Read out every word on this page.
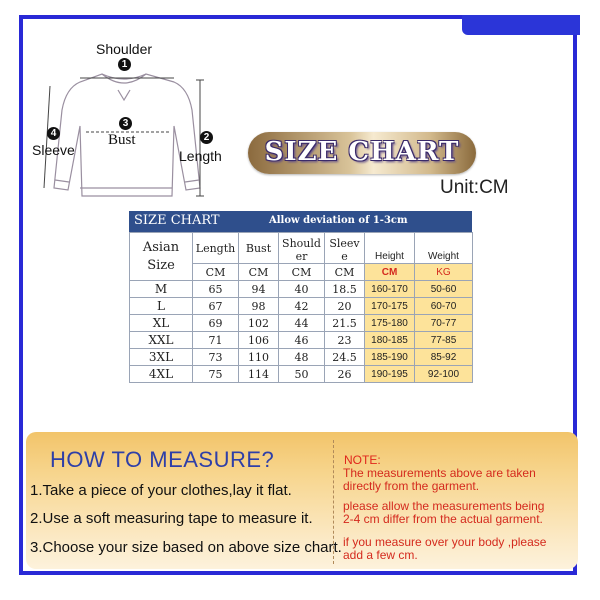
Shoulder
1
3
Bust	2
Length
4
Sleeve	SIZE CHART
Unit:CM
SIZE CHART	Allow deviation of 1-3cm
Asian
Size	Length	Bust	Should er	Sleev e	Height	Weight
	CM	CM	CM	CM	CM	KG
M	65	94	40	18.5	160-170	50-60
L	67	98	42	20	170-175	60-70
XL	69	102	44	21.5	175-180	70-77
XXL	71	106	46	23	180-185	77-85
3XL	73	110	48	24.5	185-190	85-92
4XL	75	114	50	26	190-195	92-100
HOW TO MEASURE?
1.Take a piece of your clothes,lay it flat.
2.Use a soft measuring tape to measure it.
3.Choose your size based on above size chart.
NOTE:
The measurements above are taken
directly from the garment.
please allow the measurements being
2-4 cm differ from the actual garment.
if you measure over your body ,please
add a few cm.
